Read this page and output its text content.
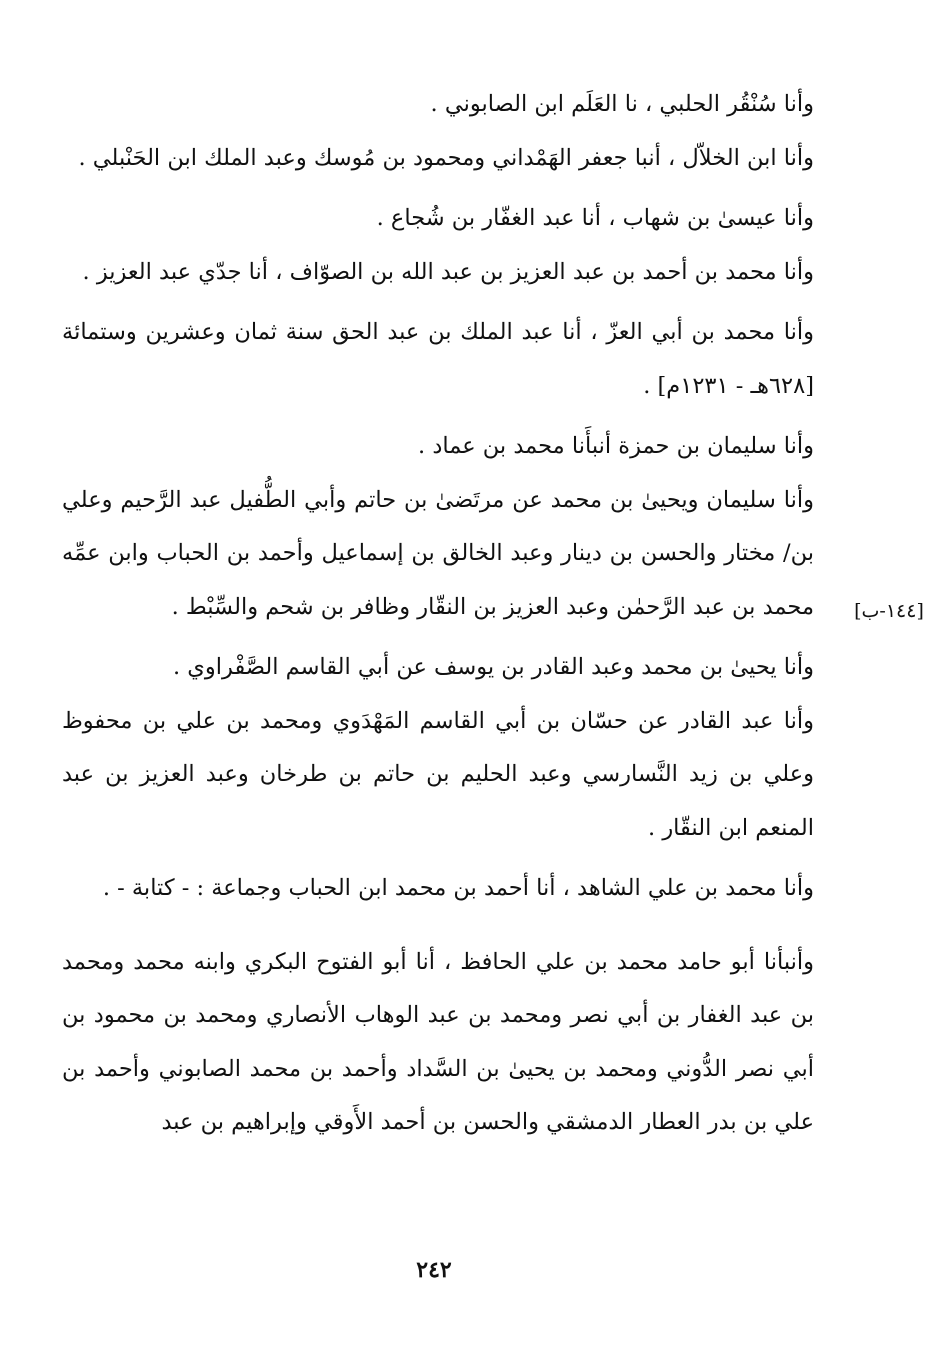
وأنا سُنْقُر الحلبي ، نا العَلَم ابن الصابوني .

وأنا ابن الخلاّل ، أنبا جعفر الهَمْداني ومحمود بن مُوسك وعبد الملك ابن الحَنْبلي .

وأنا عيسىٰ بن شهاب ، أنا عبد الغفّار بن شُجاع .

وأنا محمد بن أحمد بن عبد العزيز بن عبد الله بن الصوّاف ، أنا جدّي عبد العزيز .

وأنا محمد بن أبي العزّ ، أنا عبد الملك بن عبد الحق سنة ثمان وعشرين وستمائة [٦٢٨هـ - ١٢٣١م] .

وأنا سليمان بن حمزة أنبأَنا محمد بن عماد .

وأنا سليمان ويحيىٰ بن محمد عن مرتَضىٰ بن حاتم وأبي الطُّفيل عبد الرَّحيم وعلي بن/ مختار والحسن بن دينار وعبد الخالق بن إسماعيل وأحمد بن الحباب وابن عمِّه محمد بن عبد الرَّحمٰن وعبد العزيز بن النقّار وظافر بن شحم والسِّبْط .

وأنا يحيىٰ بن محمد وعبد القادر بن يوسف عن أبي القاسم الصَّفْراوي .

وأنا عبد القادر عن حسّان بن أبي القاسم المَهْدَوي ومحمد بن علي بن محفوظ وعلي بن زيد النَّسارسي وعبد الحليم بن حاتم بن طرخان وعبد العزيز بن عبد المنعم ابن النقّار .

وأنا محمد بن علي الشاهد ، أنا أحمد بن محمد ابن الحباب وجماعة : - كتابة - .

وأنبأنا أبو حامد محمد بن علي الحافظ ، أنا أبو الفتوح البكري وابنه محمد ومحمد بن عبد الغفار بن أبي نصر ومحمد بن عبد الوهاب الأنصاري ومحمد بن محمود بن أبي نصر الدُّوني ومحمد بن يحيىٰ بن السَّداد وأحمد بن محمد الصابوني وأحمد بن علي بن بدر العطار الدمشقي والحسن بن أحمد الأَوقي وإبراهيم بن عبد

[١٤٤-ب]
٢٤٢
